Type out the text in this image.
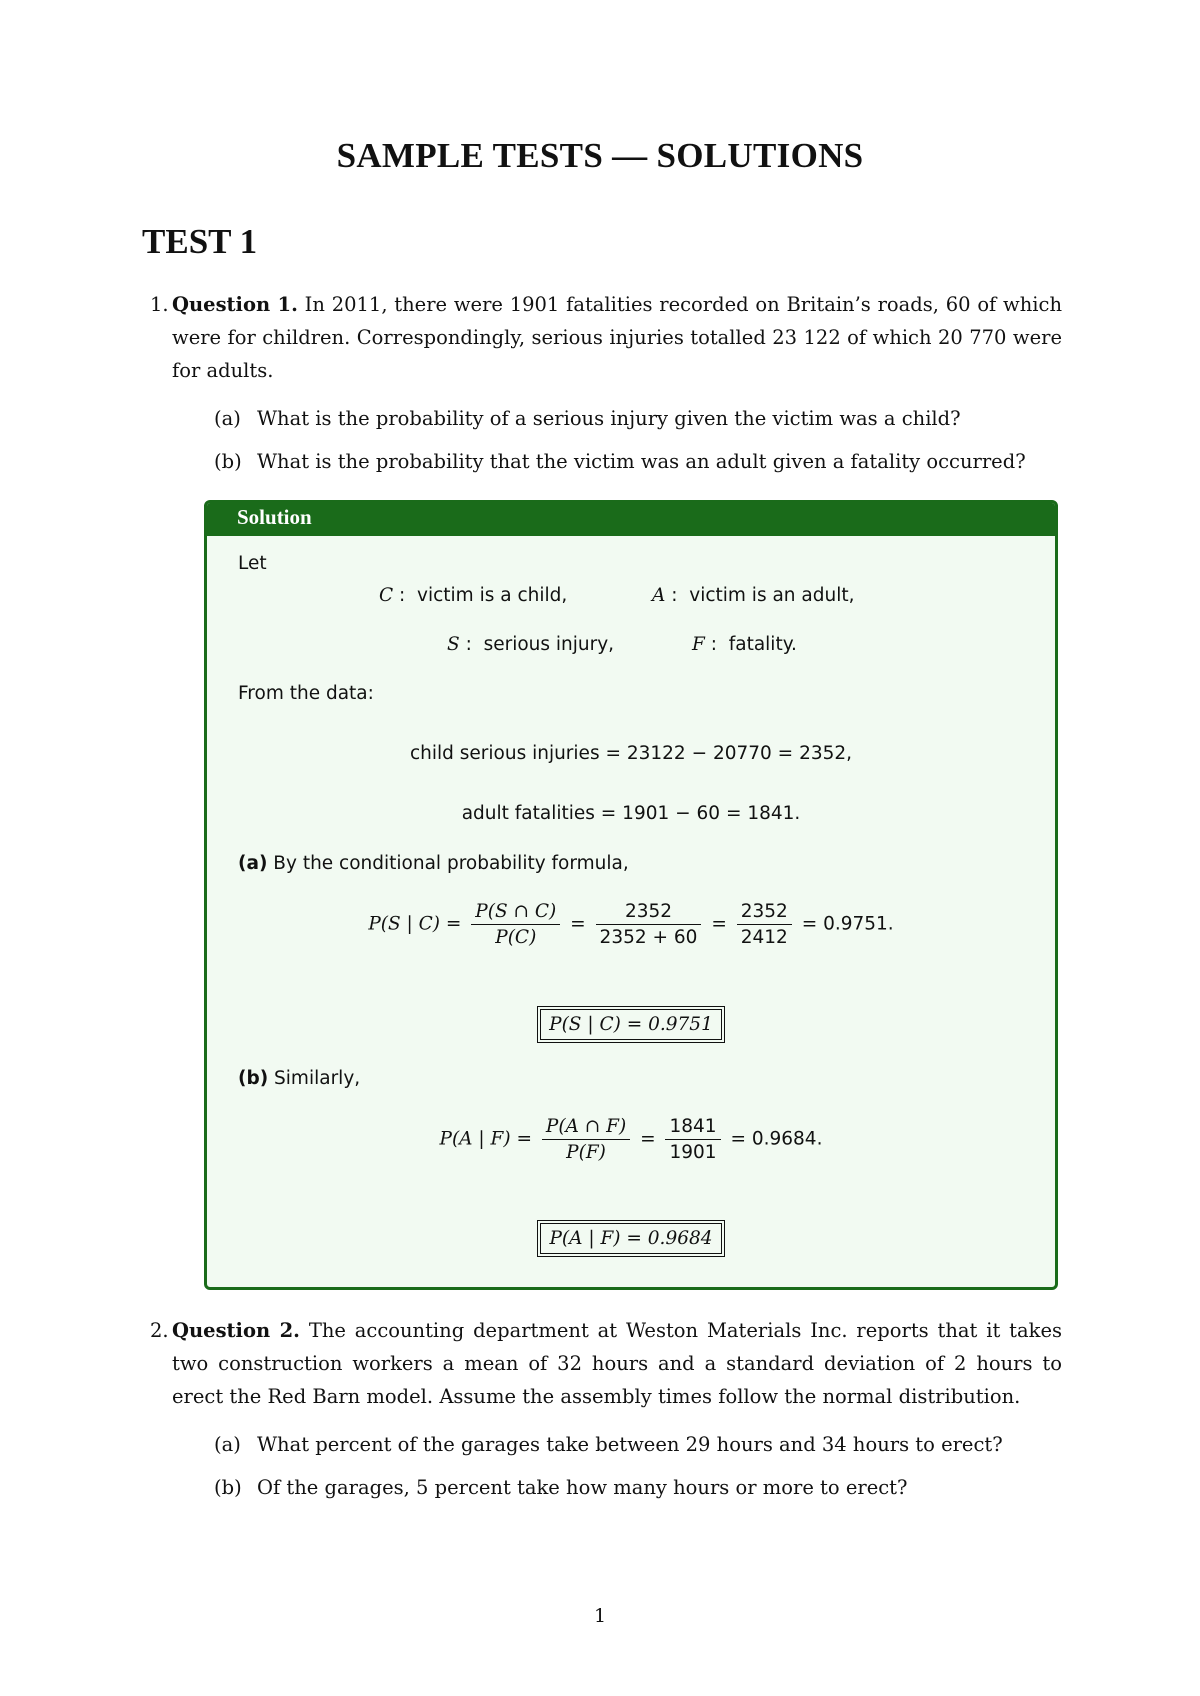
SAMPLE TESTS — SOLUTIONS
TEST 1
1. Question 1. In 2011, there were 1901 fatalities recorded on Britain’s roads, 60 of which were for children. Correspondingly, serious injuries totalled 23 122 of which 20 770 were for adults.
(a) What is the probability of a serious injury given the victim was a child?
(b) What is the probability that the victim was an adult given a fatality occurred?
Solution
Let
C :  victim is a child,	A :  victim is an adult,
S :  serious injury,	F :  fatality.
From the data:
child serious injuries = 23122 − 20770 = 2352,
adult fatalities = 1901 − 60 = 1841.
(a) By the conditional probability formula,
P(S | $C) = \frac{P(S \cap C)}{P(C)} = \frac{2352}{2352 + 60} = \frac{2352}{2412} = 0.9751$.
P(S | C) = 0.9751
(b) Similarly,
P(A | $F) = \frac{P(A \cap F)}{P(F)} = \frac{1841}{1901} = 0.9684$.
P(A | F) = 0.9684
2. Question 2. The accounting department at Weston Materials Inc. reports that it takes two construction workers a mean of 32 hours and a standard deviation of 2 hours to erect the Red Barn model. Assume the assembly times follow the normal distribution.
(a) What percent of the garages take between 29 hours and 34 hours to erect?
(b) Of the garages, 5 percent take how many hours or more to erect?
1
